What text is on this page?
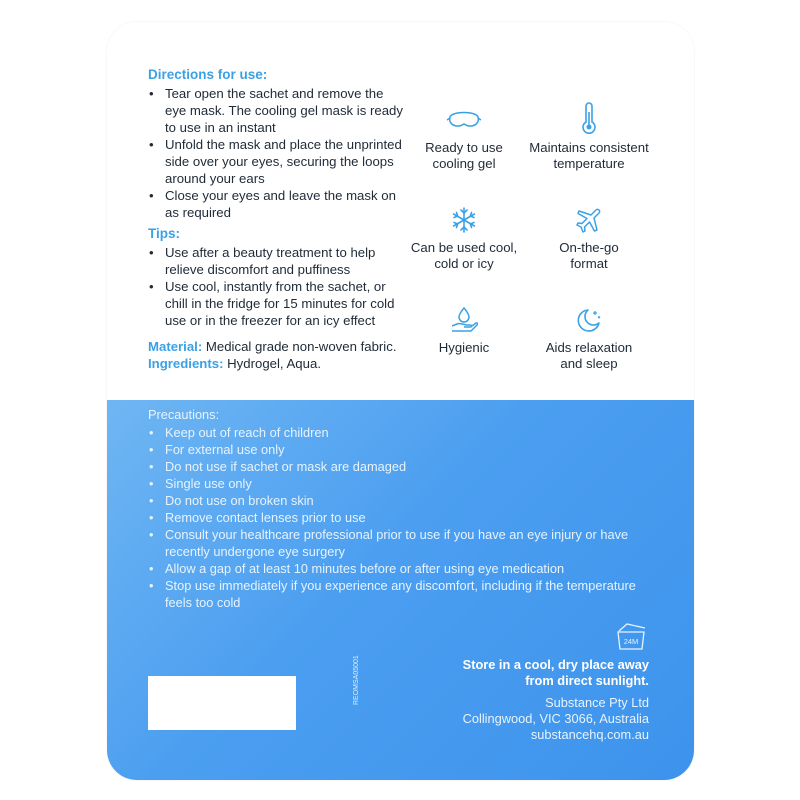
Directions for use:

• Tear open the sachet and remove the eye mask. The cooling gel mask is ready to use in an instant
• Unfold the mask and place the unprinted side over your eyes, securing the loops around your ears
• Close your eyes and leave the mask on as required

Tips:

• Use after a beauty treatment to help relieve discomfort and puffiness
• Use cool, instantly from the sachet, or chill in the fridge for 15 minutes for cold use or in the freezer for an icy effect

Material: Medical grade non-woven fabric.

Ingredients: Hydrogel, Aqua.

Ready to use
cooling gel
Maintains consistent
temperature
Can be used cool,
cold or icy
On-the-go
format
Hygienic	Aids relaxation
and sleep

Precautions:

• Keep out of reach of children
• For external use only
• Do not use if sachet or mask are damaged
• Single use only
• Do not use on broken skin
• Remove contact lenses prior to use
• Consult your healthcare professional prior to use if you have an eye injury or have recently undergone eye surgery
• Allow a gap of at least 10 minutes before or after using eye medication
• Stop use immediately if you experience any discomfort, including if the temperature feels too cold
24M
Store in a cool, dry place away
from direct sunlight.
Substance Pty Ltd
Collingwood, VIC 3066, Australia
substancehq.com.au
REOMSA05001
